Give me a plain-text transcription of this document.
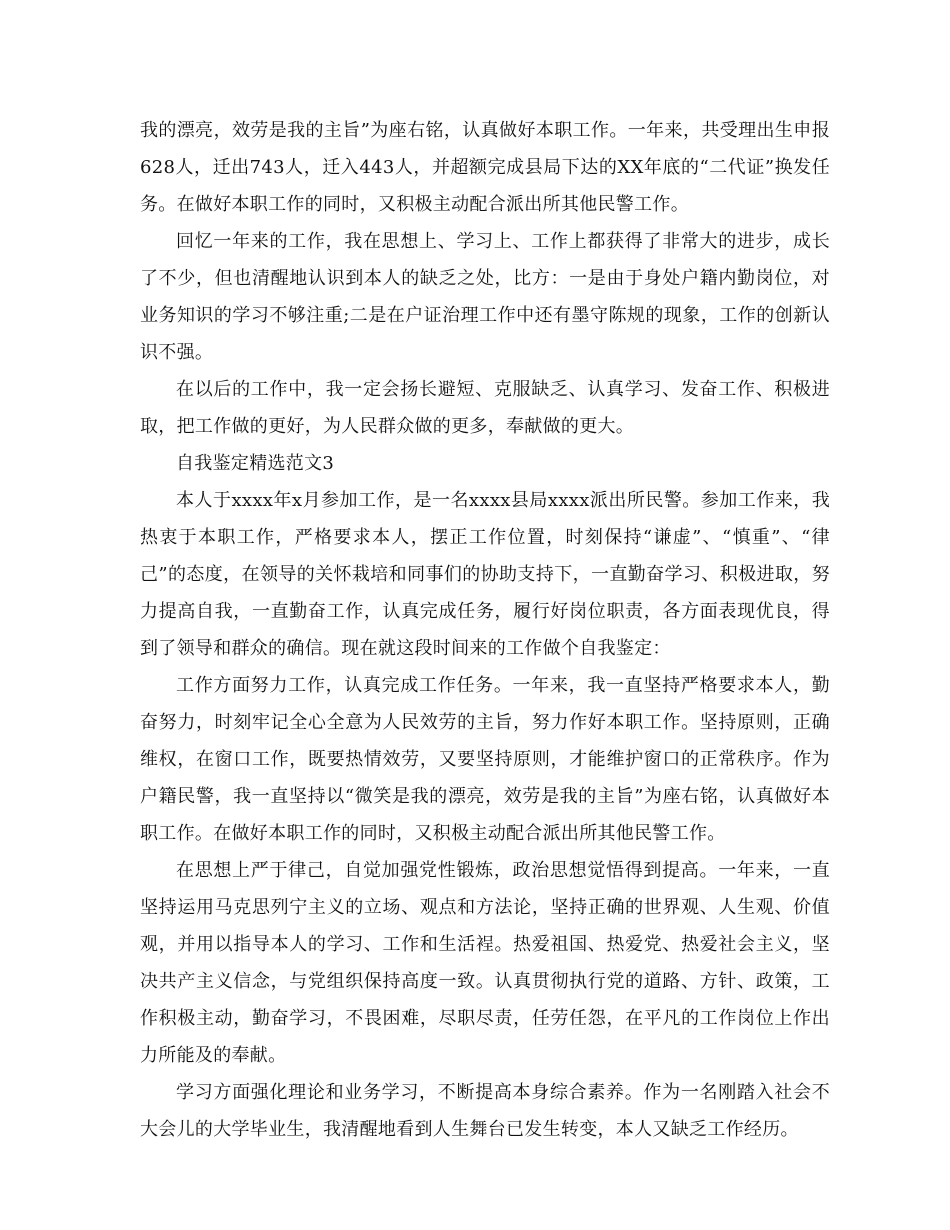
我的漂亮，效劳是我的主旨”为座右铭，认真做好本职工作。一年来，共受理出生申报628人，迁出743人，迁入443人，并超额完成县局下达的XX年底的“二代证”换发任务。在做好本职工作的同时，又积极主动配合派出所其他民警工作。

回忆一年来的工作，我在思想上、学习上、工作上都获得了非常大的进步，成长了不少，但也清醒地认识到本人的缺乏之处，比方：一是由于身处户籍内勤岗位，对业务知识的学习不够注重;二是在户证治理工作中还有墨守陈规的现象，工作的创新认识不强。

在以后的工作中，我一定会扬长避短、克服缺乏、认真学习、发奋工作、积极进取，把工作做的更好，为人民群众做的更多，奉献做的更大。

自我鉴定精选范文3

本人于xxxx年x月参加工作，是一名xxxx县局xxxx派出所民警。参加工作来，我热衷于本职工作，严格要求本人，摆正工作位置，时刻保持“谦虚”、“慎重”、“律己”的态度，在领导的关怀栽培和同事们的协助支持下，一直勤奋学习、积极进取，努力提高自我，一直勤奋工作，认真完成任务，履行好岗位职责，各方面表现优良，得到了领导和群众的确信。现在就这段时间来的工作做个自我鉴定：

工作方面努力工作，认真完成工作任务。一年来，我一直坚持严格要求本人，勤奋努力，时刻牢记全心全意为人民效劳的主旨，努力作好本职工作。坚持原则，正确维权，在窗口工作，既要热情效劳，又要坚持原则，才能维护窗口的正常秩序。作为户籍民警，我一直坚持以“微笑是我的漂亮，效劳是我的主旨”为座右铭，认真做好本职工作。在做好本职工作的同时，又积极主动配合派出所其他民警工作。

在思想上严于律己，自觉加强党性锻炼，政治思想觉悟得到提高。一年来，一直坚持运用马克思列宁主义的立场、观点和方法论，坚持正确的世界观、人生观、价值观，并用以指导本人的学习、工作和生活裎。热爱祖国、热爱党、热爱社会主义，坚决共产主义信念，与党组织保持高度一致。认真贯彻执行党的道路、方针、政策，工作积极主动，勤奋学习，不畏困难，尽职尽责，任劳任怨，在平凡的工作岗位上作出力所能及的奉献。

学习方面强化理论和业务学习，不断提高本身综合素养。作为一名刚踏入社会不大会儿的大学毕业生，我清醒地看到人生舞台已发生转变，本人又缺乏工作经历。
